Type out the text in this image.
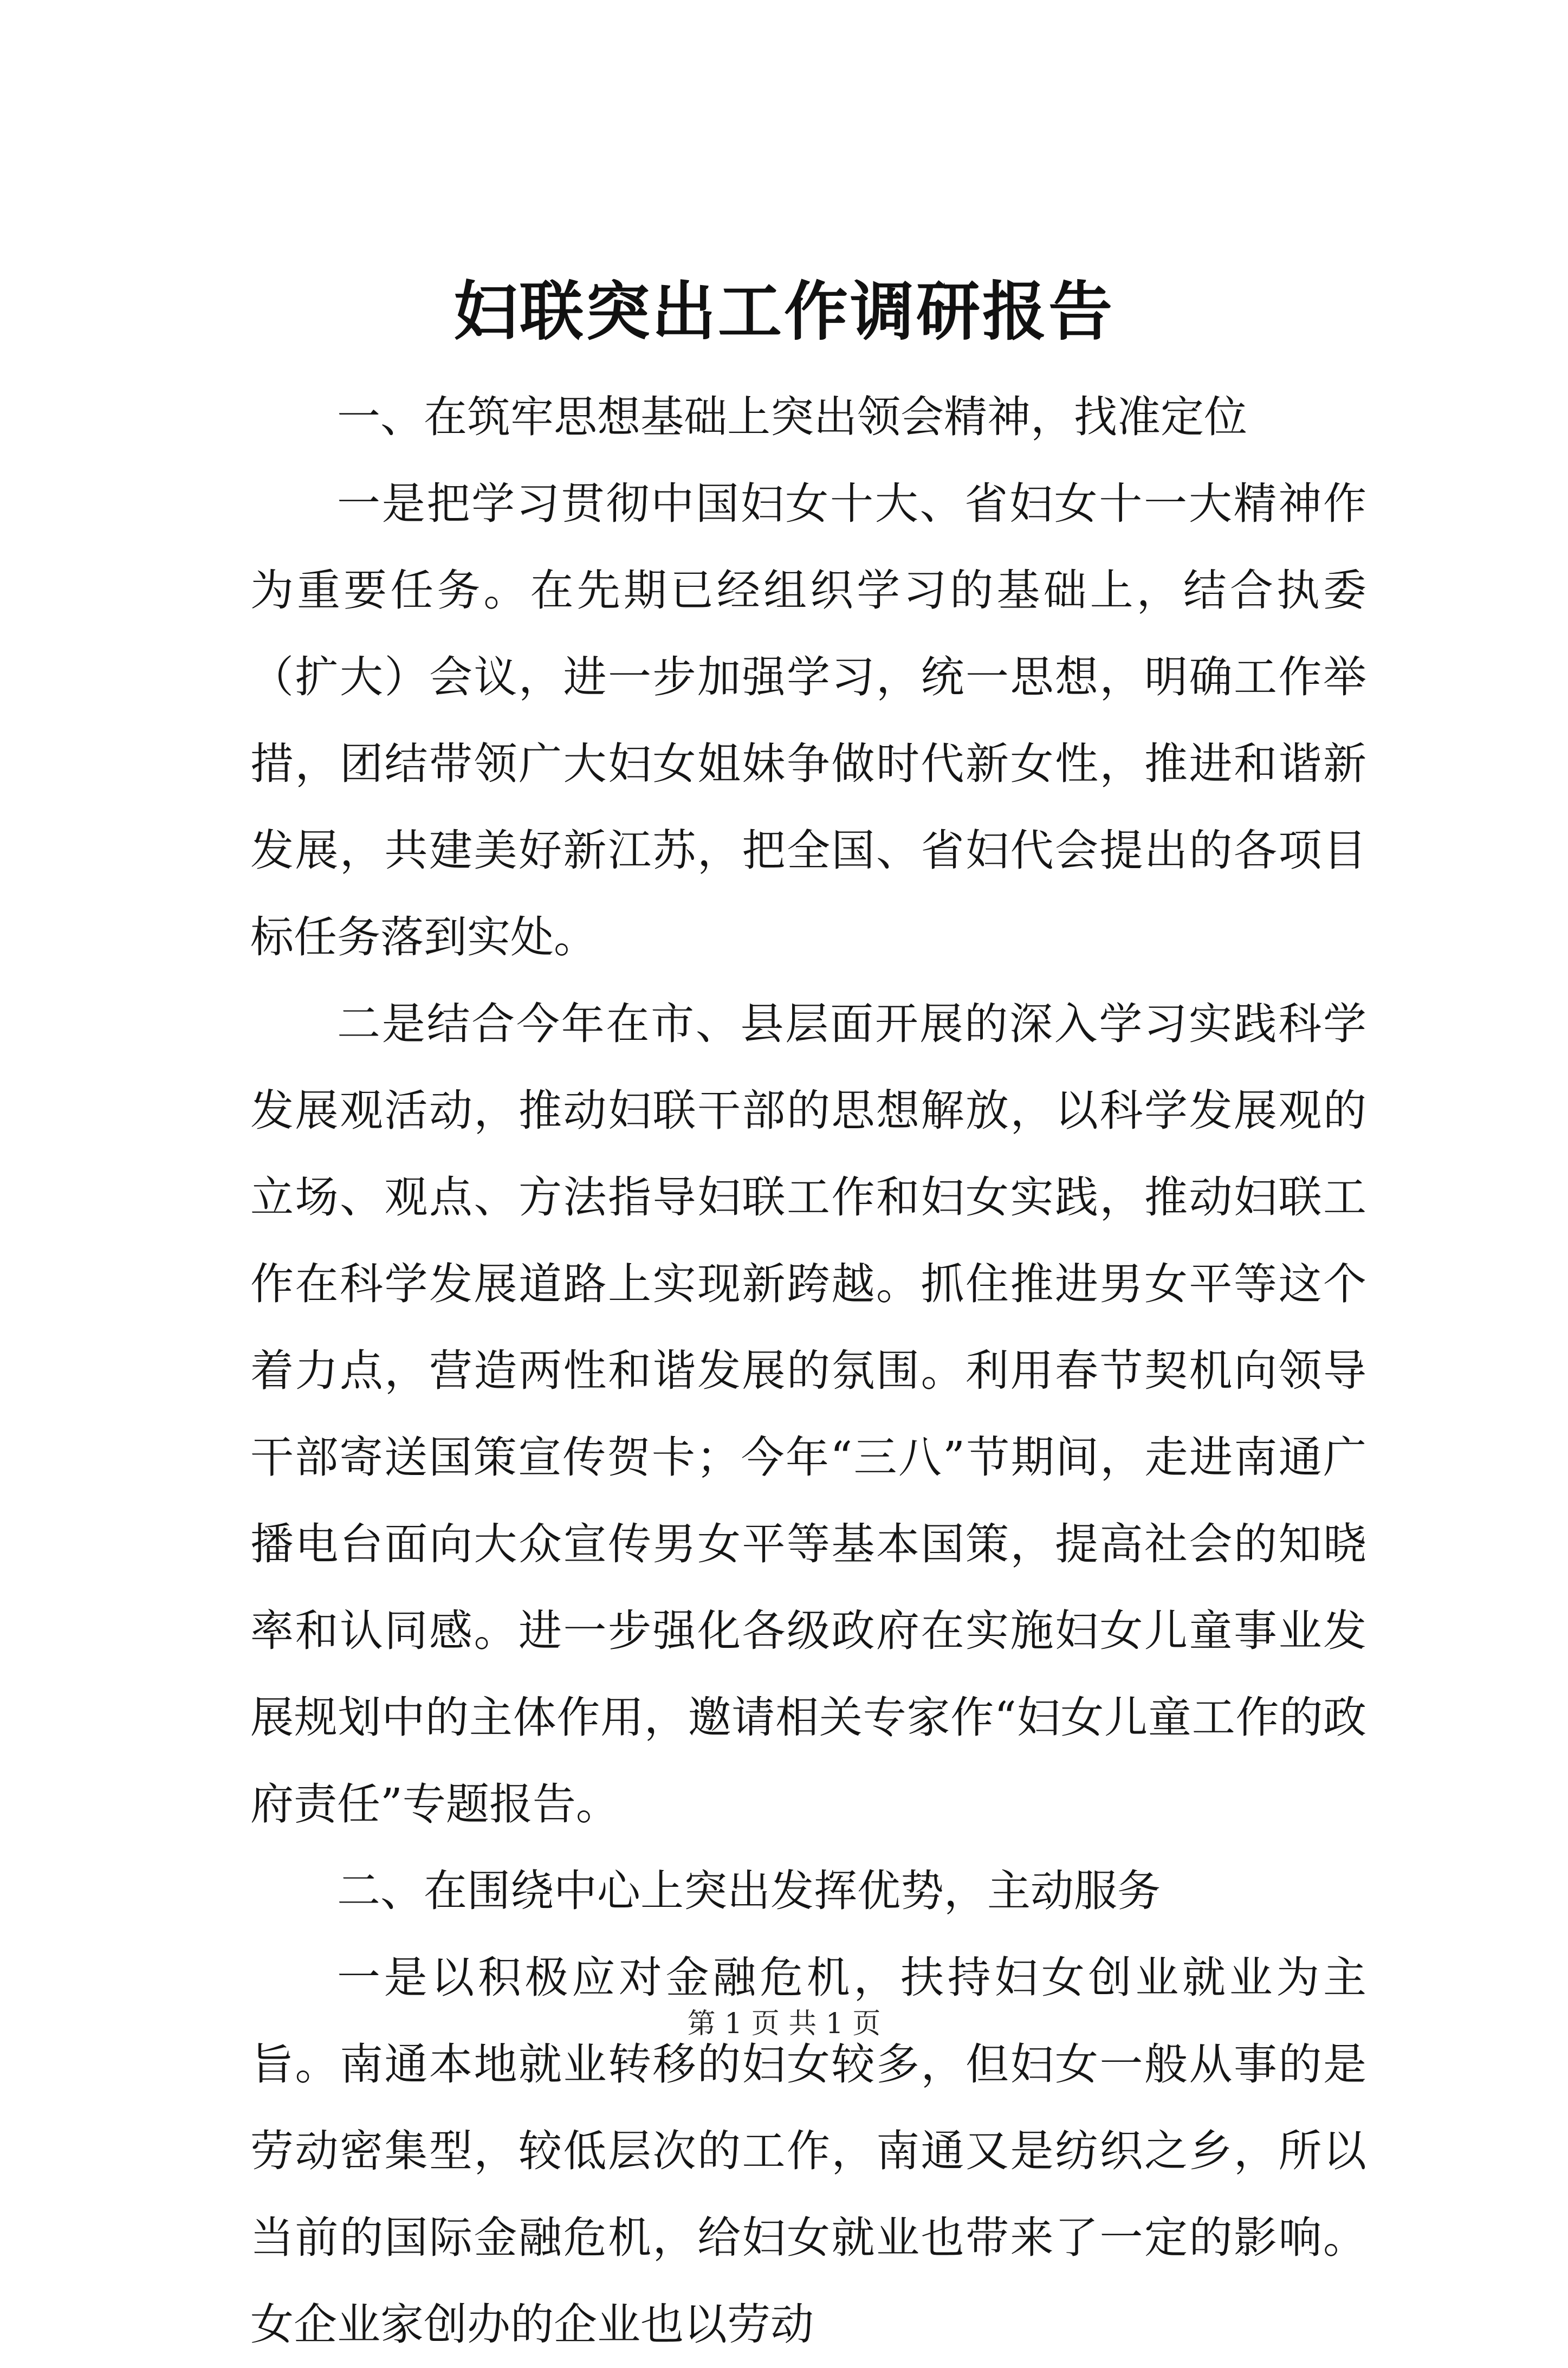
妇联突出工作调研报告

一、在筑牢思想基础上突出领会精神，找准定位

一是把学习贯彻中国妇女十大、省妇女十一大精神作为重要任务。在先期已经组织学习的基础上，结合执委（扩大）会议，进一步加强学习，统一思想，明确工作举措，团结带领广大妇女姐妹争做时代新女性，推进和谐新发展，共建美好新江苏，把全国、省妇代会提出的各项目标任务落到实处。

二是结合今年在市、县层面开展的深入学习实践科学发展观活动，推动妇联干部的思想解放，以科学发展观的立场、观点、方法指导妇联工作和妇女实践，推动妇联工作在科学发展道路上实现新跨越。抓住推进男女平等这个着力点，营造两性和谐发展的氛围。利用春节契机向领导干部寄送国策宣传贺卡；今年“三八”节期间，走进南通广播电台面向大众宣传男女平等基本国策，提高社会的知晓率和认同感。进一步强化各级政府在实施妇女儿童事业发展规划中的主体作用，邀请相关专家作“妇女儿童工作的政府责任”专题报告。

二、在围绕中心上突出发挥优势，主动服务

一是以积极应对金融危机，扶持妇女创业就业为主旨。南通本地就业转移的妇女较多，但妇女一般从事的是劳动密集型，较低层次的工作，南通又是纺织之乡，所以当前的国际金融危机，给妇女就业也带来了一定的影响。女企业家创办的企业也以劳动

第 1 页 共 1 页
